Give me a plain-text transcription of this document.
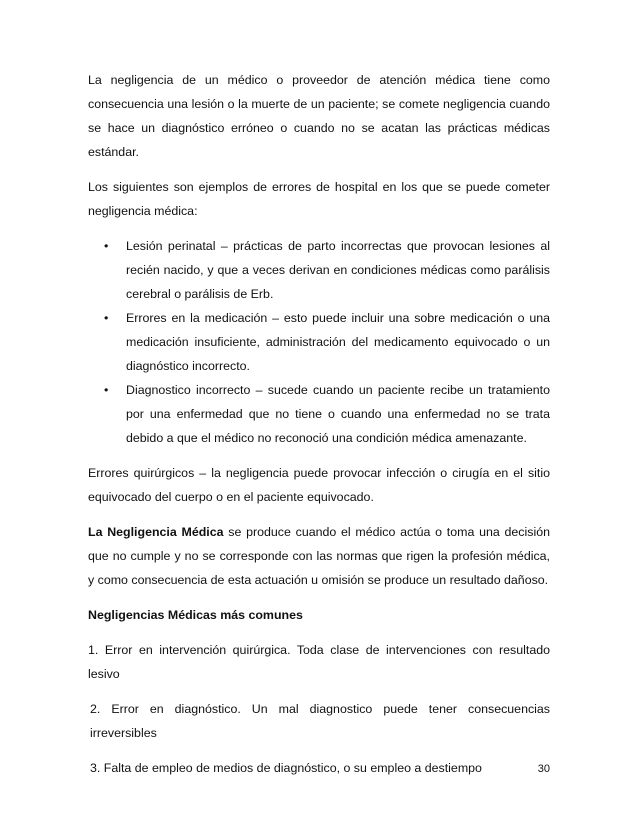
La negligencia de un médico o proveedor de atención médica tiene como consecuencia una lesión o la muerte de un paciente; se comete negligencia cuando se hace un diagnóstico erróneo o cuando no se acatan las prácticas médicas estándar.

Los siguientes son ejemplos de errores de hospital en los que se puede cometer negligencia médica:

• Lesión perinatal – prácticas de parto incorrectas que provocan lesiones al recién nacido, y que a veces derivan en condiciones médicas como parálisis cerebral o parálisis de Erb.
• Errores en la medicación – esto puede incluir una sobre medicación o una medicación insuficiente, administración del medicamento equivocado o un diagnóstico incorrecto.
• Diagnostico incorrecto – sucede cuando un paciente recibe un tratamiento por una enfermedad que no tiene o cuando una enfermedad no se trata debido a que el médico no reconoció una condición médica amenazante.

Errores quirúrgicos – la negligencia puede provocar infección o cirugía en el sitio equivocado del cuerpo o en el paciente equivocado.

La Negligencia Médica se produce cuando el médico actúa o toma una decisión que no cumple y no se corresponde con las normas que rigen la profesión médica, y como consecuencia de esta actuación u omisión se produce un resultado dañoso.

Negligencias Médicas más comunes

1. Error en intervención quirúrgica. Toda clase de intervenciones con resultado lesivo

2. Error en diagnóstico. Un mal diagnostico puede tener consecuencias irreversibles

3. Falta de empleo de medios de diagnóstico, o su empleo a destiempo	30
